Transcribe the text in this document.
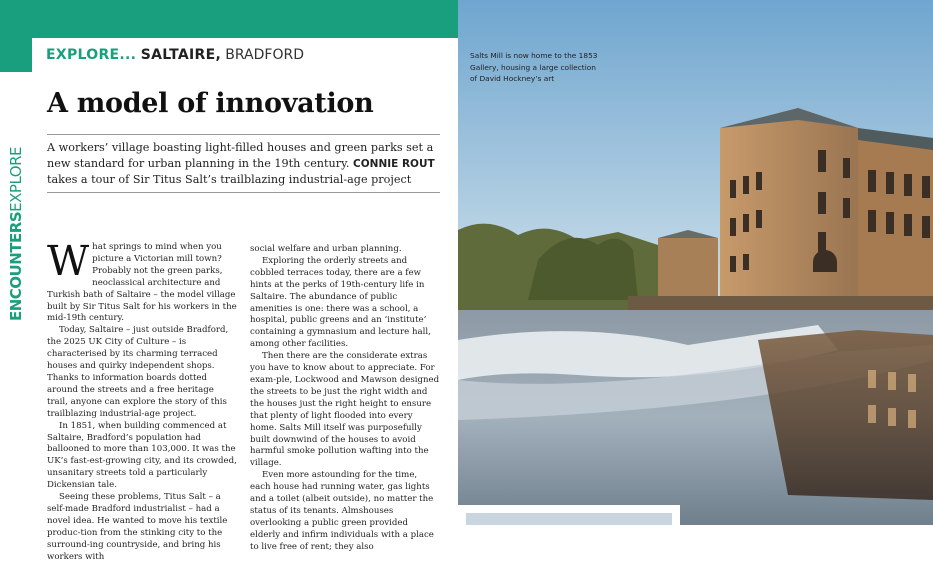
EXPLORE... SALTAIRE, BRADFORD
ENCOUNTERSEXPLORE
A model of innovation
A workers’ village boasting light-filled houses and green parks set a new standard for urban planning in the 19th century. CONNIE ROUT takes a tour of Sir Titus Salt’s trailblazing industrial-age project

What springs to mind when you picture a Victorian mill town? Probably not the green parks, neoclassical architecture and Turkish bath of Saltaire – the model village built by Sir Titus Salt for his workers in the mid-19th century.

Today, Saltaire – just outside Bradford, the 2025 UK City of Culture – is characterised by its charming terraced houses and quirky independent shops. Thanks to information boards dotted around the streets and a free heritage trail, anyone can explore the story of this trailblazing industrial-age project.

In 1851, when building commenced at Saltaire, Bradford’s population had ballooned to more than 103,000. It was the UK’s fast-est-growing city, and its crowded, unsanitary streets told a particularly Dickensian tale.

Seeing these problems, Titus Salt – a self-made Bradford industrialist – had a novel idea. He wanted to move his textile produc-tion from the stinking city to the surround-ing countryside, and bring his workers with

social welfare and urban planning.

Exploring the orderly streets and cobbled terraces today, there are a few hints at the perks of 19th-century life in Saltaire. The abundance of public amenities is one: there was a school, a hospital, public greens and an ‘institute’ containing a gymnasium and lecture hall, among other facilities.

Then there are the considerate extras you have to know about to appreciate. For exam-ple, Lockwood and Mawson designed the streets to be just the right width and the houses just the right height to ensure that plenty of light flooded into every home. Salts Mill itself was purposefully built downwind of the houses to avoid harmful smoke pollution wafting into the village.

Even more astounding for the time, each house had running water, gas lights and a toilet (albeit outside), no matter the status of its tenants. Almshouses overlooking a public green provided elderly and infirm individuals with a place to live free of rent; they also

Salts Mill is now home to the 1853 Gallery, housing a large collection of David Hockney’s art
